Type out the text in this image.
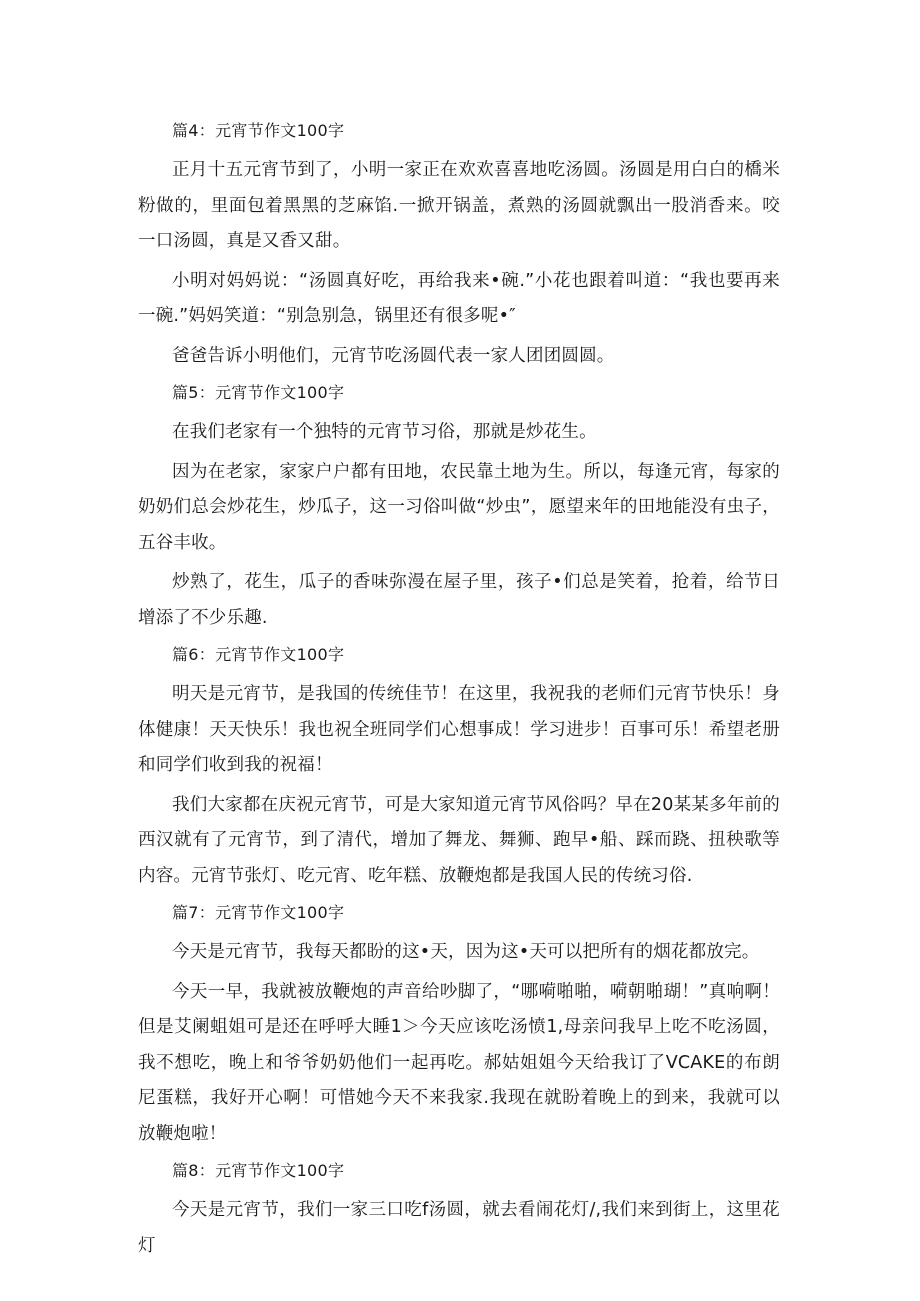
篇4：元宵节作文100字

正月十五元宵节到了，小明一家正在欢欢喜喜地吃汤圆。汤圆是用白白的橋米粉做的，里面包着黑黑的芝麻馅.一掀开锅盖，煮熟的汤圆就飘出一股消香来。咬一口汤圆，真是又香又甜。

小明对妈妈说：“汤圆真好吃，再给我来•碗.”小花也跟着叫道：“我也要再来一碗.”妈妈笑道：“别急别急，锅里还有很多呢•″

爸爸告诉小明他们，元宵节吃汤圆代表一家人团团圆圆。

篇5：元宵节作文100字

在我们老家有一个独特的元宵节习俗，那就是炒花生。

因为在老家，家家户户都有田地，农民靠土地为生。所以，每逢元宵，每家的奶奶们总会炒花生，炒瓜子，这一习俗叫做“炒虫”，愿望来年的田地能没有虫子，五谷丰收。

炒熟了，花生，瓜子的香味弥漫在屋子里，孩子•们总是笑着，抢着，给节日增添了不少乐趣.

篇6：元宵节作文100字

明天是元宵节，是我国的传统佳节！在这里，我祝我的老师们元宵节快乐！身体健康！天天快乐！我也祝全班同学们心想事成！学习进步！百事可乐！希望老册和同学们收到我的祝福！

我们大家都在庆祝元宵节，可是大家知道元宵节风俗吗？早在20某某多年前的西汉就有了元宵节，到了清代，增加了舞龙、舞狮、跑早•船、踩而跷、扭秧歌等内容。元宵节张灯、吃元宵、吃年糕、放鞭炮都是我国人民的传统习俗.

篇7：元宵节作文100字

今天是元宵节，我每天都盼的这•天，因为这•天可以把所有的烟花都放完。

今天一早，我就被放鞭炮的声音给吵脚了，“哪嗬啪啪，嗬朝啪瑚！”真响啊！但是艾阑蛆姐可是还在呼呼大睡1＞今天应该吃汤愤1,母亲问我早上吃不吃汤圆，我不想吃，晚上和爷爷奶奶他们一起再吃。郝姑姐姐今天给我订了VCAKE的布朗尼蛋糕，我好开心啊！可惜她今天不来我家.我现在就盼着晚上的到来，我就可以放鞭炮啦！

篇8：元宵节作文100字

今天是元宵节，我们一家三口吃f汤圆，就去看闹花灯/,我们来到街上，这里花灯
